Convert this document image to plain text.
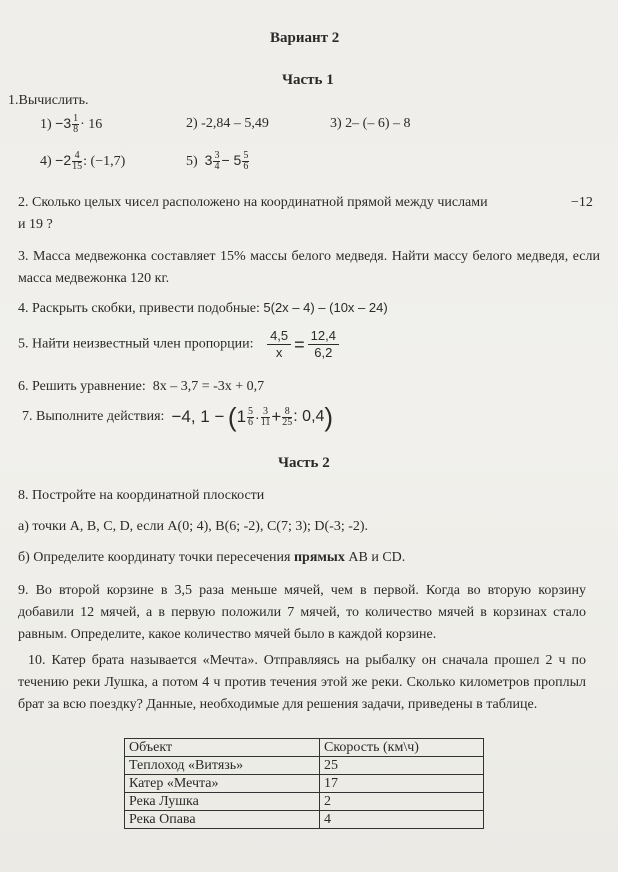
Вариант 2
Часть 1
1.Вычислить.
$1) -3 \frac{1}{8} \cdot 16$	2) -2,84 – 5,49	3) 2– (– 6) – 8
$4) -2 \frac{4}{15}$ : (−1,7)	5) $3 \frac{3}{4} - 5 \frac{5}{6}$
2. Сколько целых чисел расположено на координатной прямой между числами	−12
и 19 ?
3. Масса медвежонка составляет 15% массы белого медведя. Найти массу белого медведя, если масса медвежонка 120 кг.
4. Раскрыть скобки, привести подобные: 5(2x – 4) – (10x – 24)
5. Найти неизвестный член пропорции: $\frac{4,5}{x} = \frac{12,4}{6,2}$
6. Решить уравнение: 8x – 3,7 = -3x + 0,7
7. Выполните действия: −4, $1 - (1 \frac{5}{6} \cdot \frac{3}{11} + \frac{8}{25}$ : 0,4)
Часть 2
8. Постройте на координатной плоскости
а) точки A, B, C, D, если A(0; 4), B(6; -2), C(7; 3); D(-3; -2).
б) Определите координату точки пересечения прямых AB и CD.
9. Во второй корзине в 3,5 раза меньше мячей, чем в первой. Когда во вторую корзину добавили 12 мячей, а в первую положили 7 мячей, то количество мячей в корзинах стало равным. Определите, какое количество мячей было в каждой корзине.
10. Катер брата называется «Мечта». Отправляясь на рыбалку он сначала прошел 2 ч по течению реки Лушка, а потом 4 ч против течения этой же реки. Сколько километров проплыл брат за всю поездку? Данные, необходимые для решения задачи, приведены в таблице.
Объект	Скорость (км\ч)
Теплоход «Витязь»	25
Катер «Мечта»	17
Река Лушка	2
Река Опава	4
